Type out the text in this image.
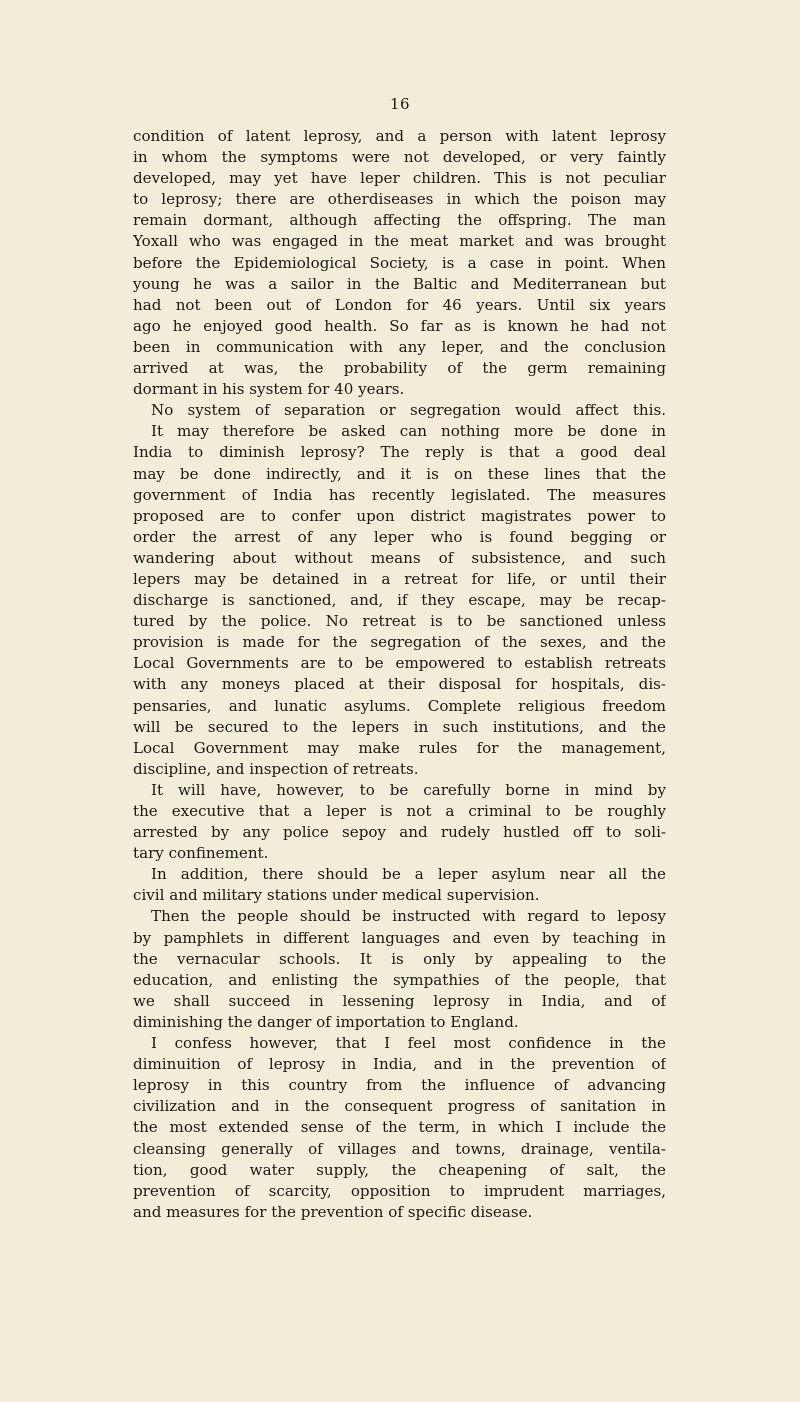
16
condition of latent leprosy, and a person with latent leprosy
in whom the symptoms were not developed, or very faintly
developed, may yet have leper children. This is not peculiar
to leprosy; there are otherdiseases in which the poison may
remain dormant, although affecting the offspring. The man
Yoxall who was engaged in the meat market and was brought
before the Epidemiological Society, is a case in point. When
young he was a sailor in the Baltic and Mediterranean but
had not been out of London for 46 years. Until six years
ago he enjoyed good health. So far as is known he had not
been in communication with any leper, and the conclusion
arrived at was, the probability of the germ remaining
dormant in his system for 40 years.
No system of separation or segregation would affect this.
It may therefore be asked can nothing more be done in
India to diminish leprosy? The reply is that a good deal
may be done indirectly, and it is on these lines that the
government of India has recently legislated. The measures
proposed are to confer upon district magistrates power to
order the arrest of any leper who is found begging or
wandering about without means of subsistence, and such
lepers may be detained in a retreat for life, or until their
discharge is sanctioned, and, if they escape, may be recap-
tured by the police. No retreat is to be sanctioned unless
provision is made for the segregation of the sexes, and the
Local Governments are to be empowered to establish retreats
with any moneys placed at their disposal for hospitals, dis-
pensaries, and lunatic asylums. Complete religious freedom
will be secured to the lepers in such institutions, and the
Local Government may make rules for the management,
discipline, and inspection of retreats.
It will have, however, to be carefully borne in mind by
the executive that a leper is not a criminal to be roughly
arrested by any police sepoy and rudely hustled off to soli-
tary confinement.
In addition, there should be a leper asylum near all the
civil and military stations under medical supervision.
Then the people should be instructed with regard to leposy
by pamphlets in different languages and even by teaching in
the vernacular schools. It is only by appealing to the
education, and enlisting the sympathies of the people, that
we shall succeed in lessening leprosy in India, and of
diminishing the danger of importation to England.
I confess however, that I feel most confidence in the
diminuition of leprosy in India, and in the prevention of
leprosy in this country from the influence of advancing
civilization and in the consequent progress of sanitation in
the most extended sense of the term, in which I include the
cleansing generally of villages and towns, drainage, ventila-
tion, good water supply, the cheapening of salt, the
prevention of scarcity, opposition to imprudent marriages,
and measures for the prevention of specific disease.
